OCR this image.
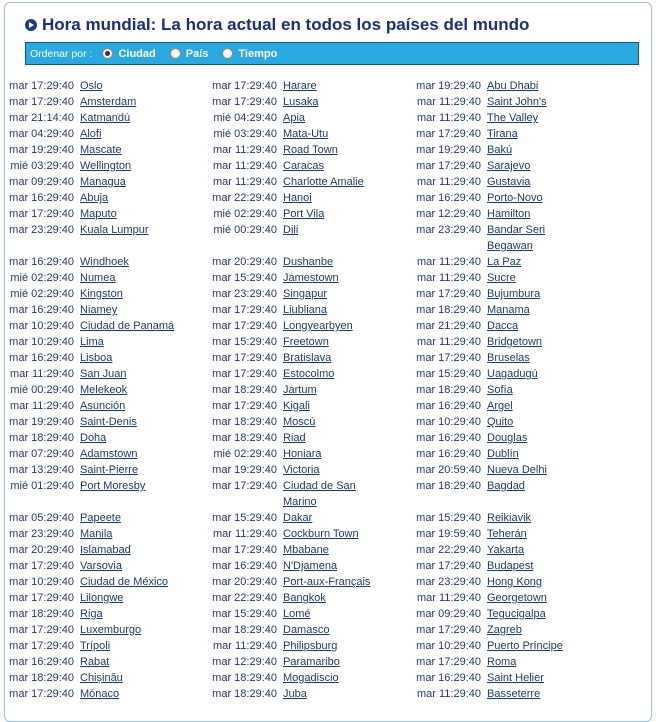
Hora mundial: La hora actual en todos los países del mundo
Ordenar por : Ciudad	País	Tiempo
mar 17:29:40 Oslo
mar 17:29:40 Amsterdam
mar 21:14:40 Katmandú
mar 04:29:40 Alofi
mar 19:29:40 Mascate
mié 03:29:40 Wellington
mar 09:29:40 Managua
mar 16:29:40 Abuja
mar 17:29:40 Maputo
mar 23:29:40 Kuala Lumpur
mar 16:29:40 Windhoek
mié 02:29:40 Numea
mié 02:29:40 Kingston
mar 16:29:40 Niamey
mar 10:29:40 Ciudad de Panamá
mar 10:29:40 Lima
mar 16:29:40 Lisboa
mar 11:29:40 San Juan
mié 00:29:40 Melekeok
mar 11:29:40 Asunción
mar 19:29:40 Saint-Denis
mar 18:29:40 Doha
mar 07:29:40 Adamstown
mar 13:29:40 Saint-Pierre
mié 01:29:40 Port Moresby
mar 05:29:40 Papeete
mar 23:29:40 Manila
mar 20:29:40 Islamabad
mar 17:29:40 Varsovia
mar 10:29:40 Ciudad de México
mar 17:29:40 Lilongwe
mar 18:29:40 Riga
mar 17:29:40 Luxemburgo
mar 17:29:40 Trípoli
mar 16:29:40 Rabat
mar 18:29:40 Chișinău
mar 17:29:40 Mónaco
mar 17:29:40 Harare
mar 17:29:40 Lusaka
mié 04:29:40 Apia
mié 03:29:40 Mata-Utu
mar 11:29:40 Road Town
mar 11:29:40 Caracas
mar 11:29:40 Charlotte Amalie
mar 22:29:40 Hanoi
mié 02:29:40 Port Vila
mié 00:29:40 Dili
mar 20:29:40 Dushanbe
mar 15:29:40 Jamestown
mar 23:29:40 Singapur
mar 17:29:40 Liubliana
mar 17:29:40 Longyearbyen
mar 15:29:40 Freetown
mar 17:29:40 Bratislava
mar 17:29:40 Estocolmo
mar 18:29:40 Jartum
mar 17:29:40 Kigali
mar 18:29:40 Moscú
mar 18:29:40 Riad
mié 02:29:40 Honiara
mar 19:29:40 Victoria
mar 17:29:40 Ciudad de San Marino
mar 15:29:40 Dakar
mar 11:29:40 Cockburn Town
mar 17:29:40 Mbabane
mar 16:29:40 N'Djamena
mar 20:29:40 Port-aux-Français
mar 22:29:40 Bangkok
mar 15:29:40 Lomé
mar 18:29:40 Damasco
mar 11:29:40 Philipsburg
mar 12:29:40 Paramaribo
mar 18:29:40 Mogadiscio
mar 18:29:40 Juba
mar 19:29:40 Abu Dhabi
mar 11:29:40 Saint John's
mar 11:29:40 The Valley
mar 17:29:40 Tirana
mar 19:29:40 Bakú
mar 17:29:40 Sarajevo
mar 11:29:40 Gustavia
mar 16:29:40 Porto-Novo
mar 12:29:40 Hamilton
mar 23:29:40 Bandar Seri Begawan
mar 11:29:40 La Paz
mar 11:29:40 Sucre
mar 17:29:40 Bujumbura
mar 18:29:40 Manama
mar 21:29:40 Dacca
mar 11:29:40 Bridgetown
mar 17:29:40 Bruselas
mar 15:29:40 Uagadugú
mar 18:29:40 Sofía
mar 16:29:40 Argel
mar 10:29:40 Quito
mar 16:29:40 Douglas
mar 16:29:40 Dublín
mar 20:59:40 Nueva Delhi
mar 18:29:40 Bagdad
mar 15:29:40 Reikiavik
mar 19:59:40 Teherán
mar 22:29:40 Yakarta
mar 17:29:40 Budapest
mar 23:29:40 Hong Kong
mar 11:29:40 Georgetown
mar 09:29:40 Tegucigalpa
mar 17:29:40 Zagreb
mar 10:29:40 Puerto Príncipe
mar 17:29:40 Roma
mar 16:29:40 Saint Helier
mar 11:29:40 Basseterre
